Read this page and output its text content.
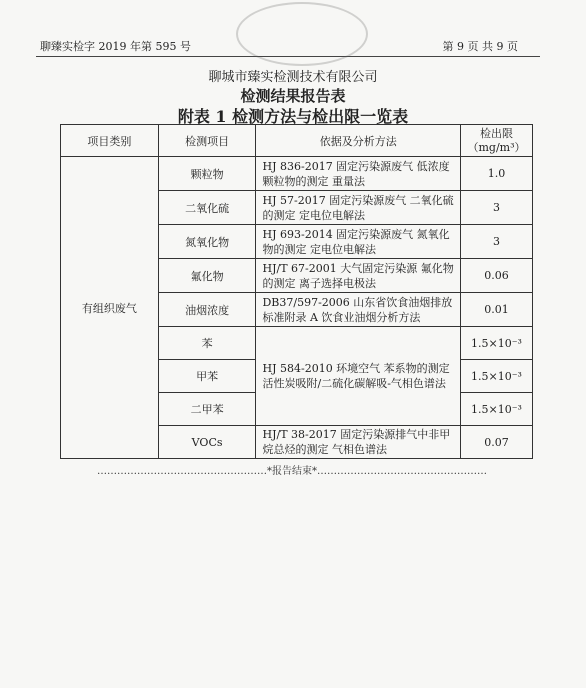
聊臻实检字 2019 年第 595 号	第 9 页 共 9 页
聊城市臻实检测技术有限公司
检测结果报告表
附表 1 检测方法与检出限一览表
项目类别	检测项目	依据及分析方法	检出限
（mg/m³）
有组织废气	颗粒物	HJ 836-2017 固定污染源废气 低浓度颗粒物的测定 重量法	1.0
	二氧化硫	HJ 57-2017 固定污染源废气 二氧化硫的测定 定电位电解法	3
	氮氧化物	HJ 693-2014 固定污染源废气 氮氧化物的测定 定电位电解法	3
	氟化物	HJ/T 67-2001 大气固定污染源 氟化物的测定 离子选择电极法	0.06
	油烟浓度	DB37/597-2006 山东省饮食油烟排放标准附录 A 饮食业油烟分析方法	0.01
	苯	HJ 584-2010 环境空气 苯系物的测定 活性炭吸附/二硫化碳解吸-气相色谱法	1.5×10⁻³
	甲苯		1.5×10⁻³
	二甲苯		1.5×10⁻³
	VOCs	HJ/T 38-2017 固定污染源排气中非甲烷总烃的测定 气相色谱法	0.07
……………………………………………*报告结束*……………………………………………
